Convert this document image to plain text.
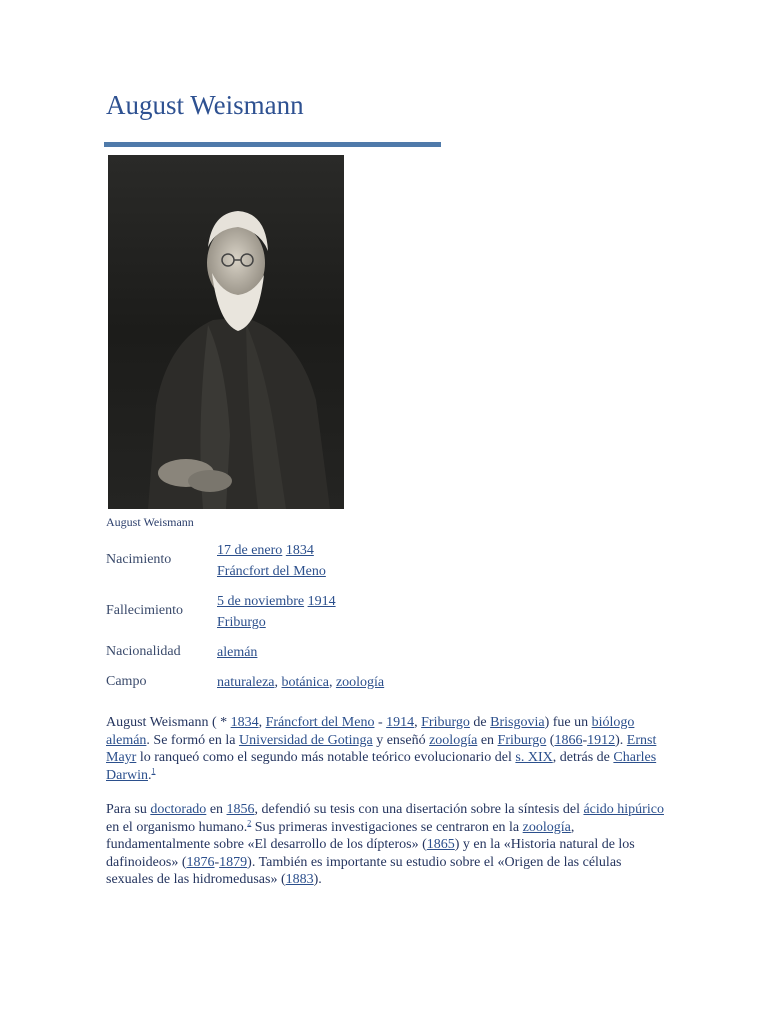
August Weismann
August Weismann
Nacimiento
17 de enero 1834
Fráncfort del Meno
Fallecimiento
5 de noviembre 1914
Friburgo
Nacionalidad	alemán
Campo	naturaleza, botánica, zoología

August Weismann ( * 1834, Fráncfort del Meno - 1914, Friburgo de Brisgovia) fue un biólogo alemán. Se formó en la Universidad de Gotinga y enseñó zoología en Friburgo (1866-1912). Ernst Mayr lo ranqueó como el segundo más notable teórico evolucionario del s. XIX, detrás de Charles Darwin.$^1$

Para su doctorado en 1856, defendió su tesis con una disertación sobre la síntesis del ácido hipúrico en el organismo humano.$^2$ Sus primeras investigaciones se centraron en la zoología, fundamentalmente sobre «El desarrollo de los dípteros» (1865) y en la «Historia natural de los dafinoideos» (1876-1879). También es importante su estudio sobre el «Origen de las células sexuales de las hidromedusas» (1883).
